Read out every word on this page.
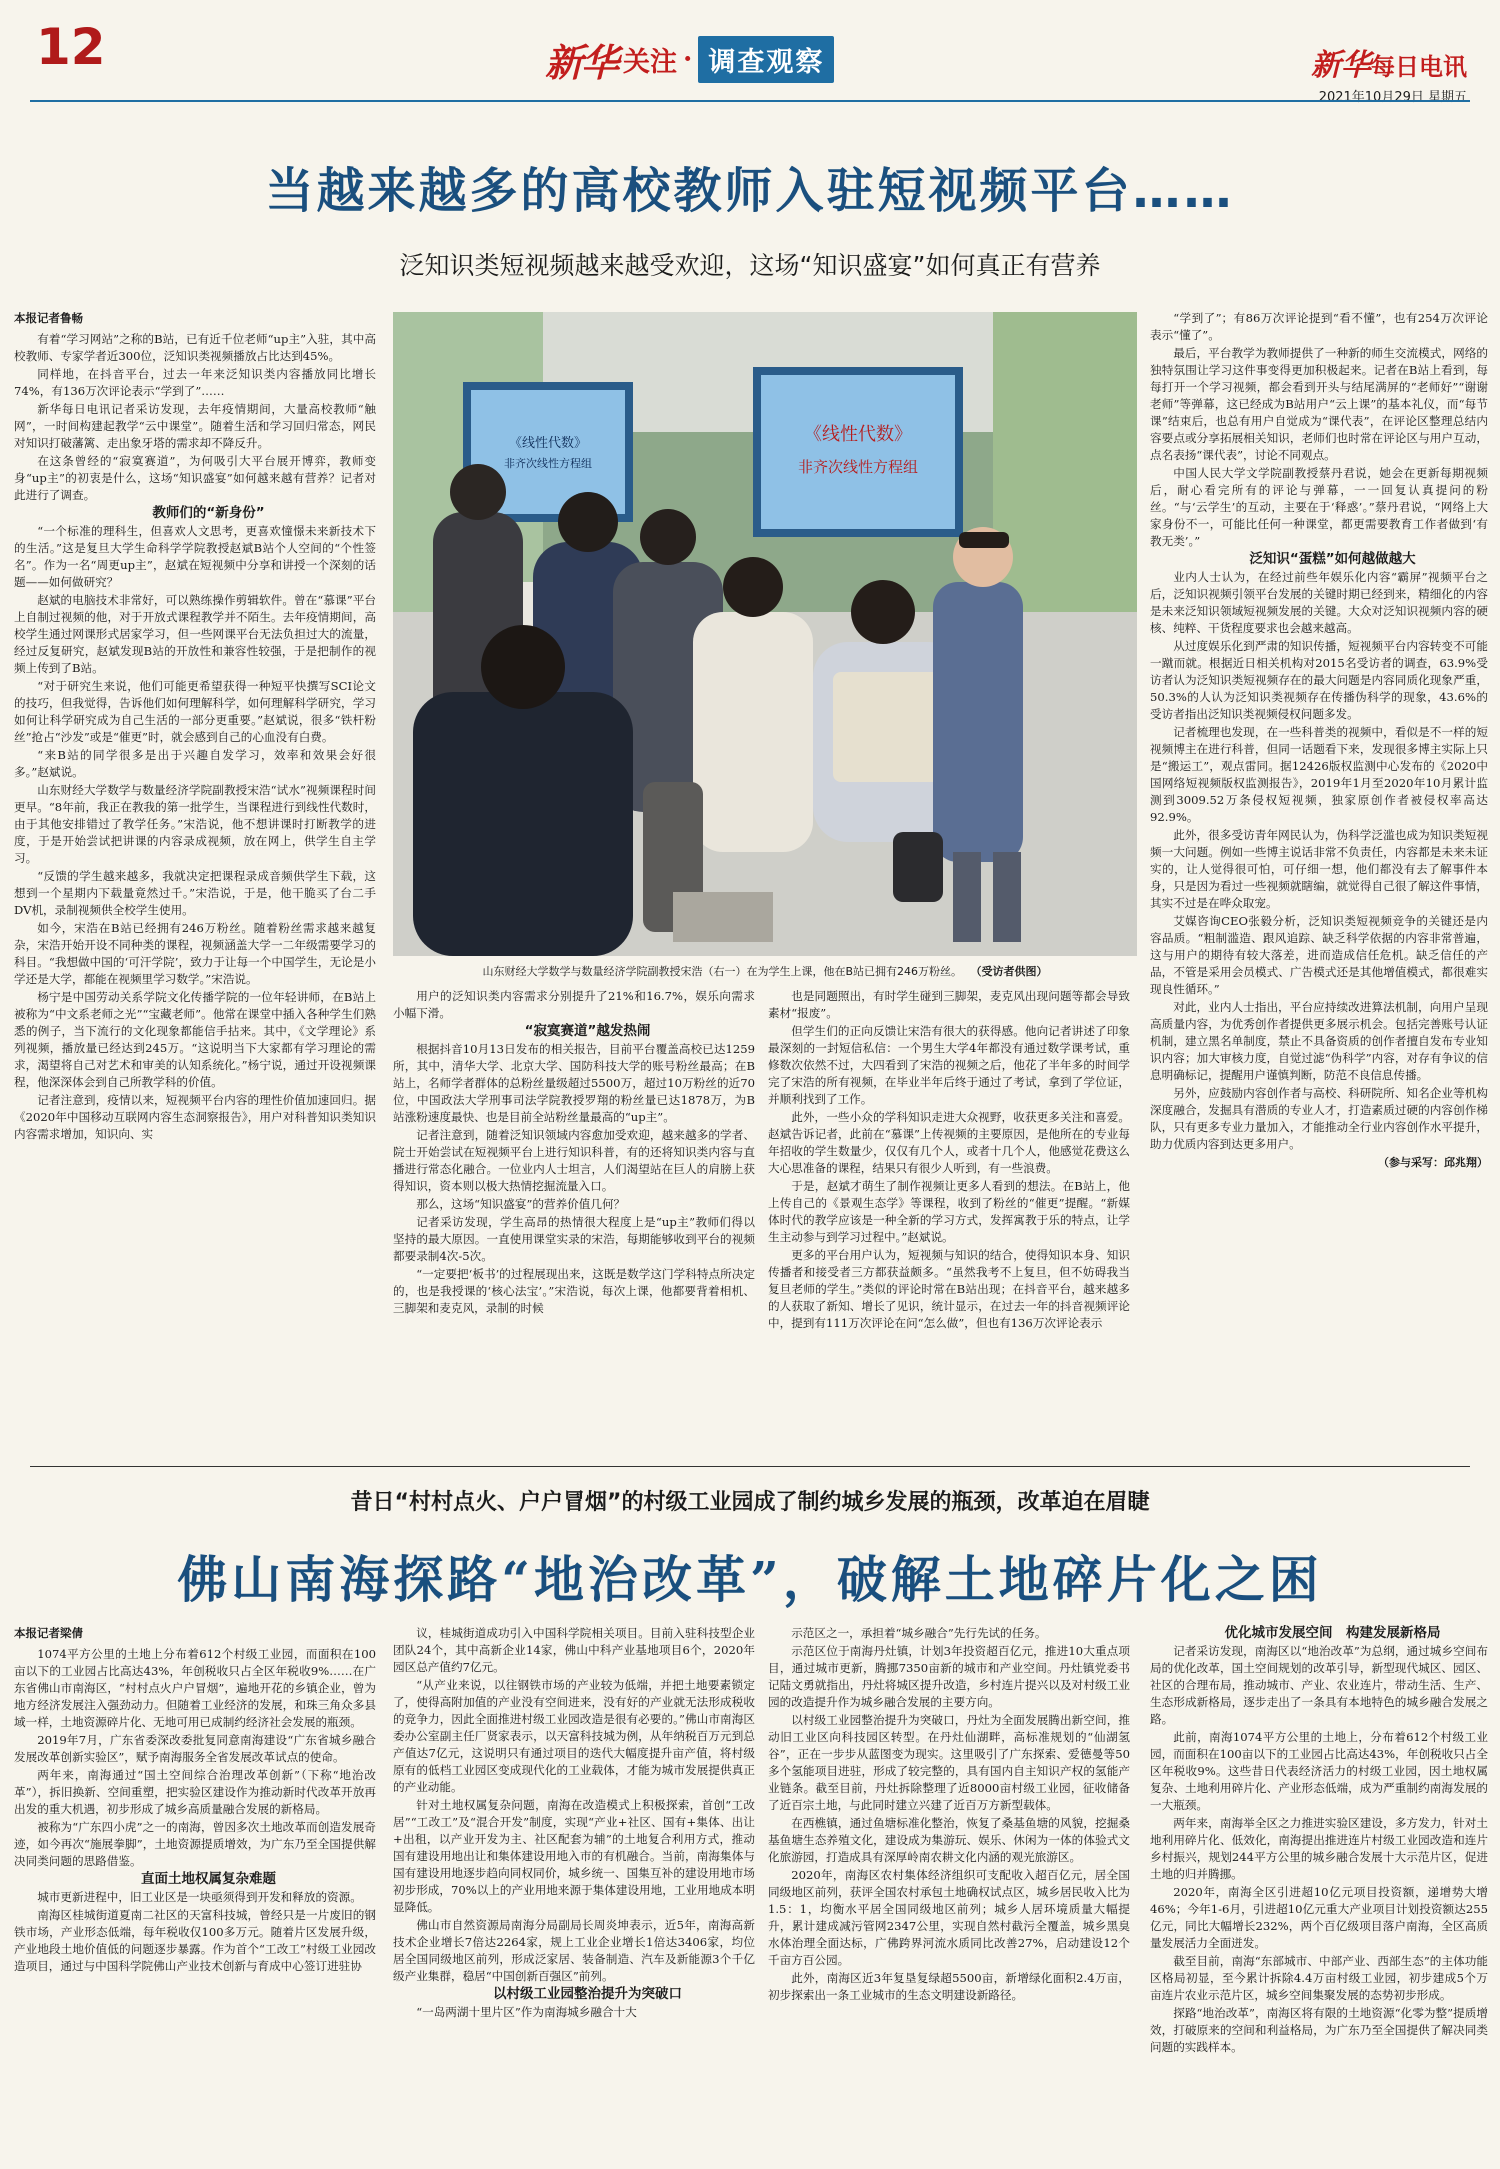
12	新华 关注 · 调查观察	新华每日电讯
2021年10月29日 星期五
当越来越多的高校教师入驻短视频平台……
泛知识类短视频越来越受欢迎，这场“知识盛宴”如何真正有营养

本报记者鲁畅

有着“学习网站”之称的B站，已有近千位老师“up主”入驻，其中高校教师、专家学者近300位，泛知识类视频播放占比达到45%。

同样地，在抖音平台，过去一年来泛知识类内容播放同比增长74%，有136万次评论表示“学到了”……

新华每日电讯记者采访发现，去年疫情期间，大量高校教师“触网”，一时间构建起教学“云中课堂”。随着生活和学习回归常态，网民对知识打破藩篱、走出象牙塔的需求却不降反升。

在这条曾经的“寂寞赛道”，为何吸引大平台展开博弈，教师变身“up主”的初衷是什么，这场“知识盛宴”如何越来越有营养？记者对此进行了调查。

教师们的“新身份”

“一个标准的理科生，但喜欢人文思考，更喜欢憧憬未来新技术下的生活。”这是复旦大学生命科学学院教授赵斌B站个人空间的“个性签名”。作为一名“周更up主”，赵斌在短视频中分享和讲授一个深刻的话题——如何做研究？

赵斌的电脑技术非常好，可以熟练操作剪辑软件。曾在“慕课”平台上自制过视频的他，对于开放式课程教学并不陌生。去年疫情期间，高校学生通过网课形式居家学习，但一些网课平台无法负担过大的流量，经过反复研究，赵斌发现B站的开放性和兼容性较强，于是把制作的视频上传到了B站。

“对于研究生来说，他们可能更希望获得一种短平快撰写SCI论文的技巧，但我觉得，告诉他们如何理解科学，如何理解科学研究，学习如何让科学研究成为自己生活的一部分更重要。”赵斌说，很多“铁杆粉丝”抢占“沙发”或是“催更”时，就会感到自己的心血没有白费。

“来B站的同学很多是出于兴趣自发学习，效率和效果会好很多。”赵斌说。

山东财经大学数学与数量经济学院副教授宋浩“试水”视频课程时间更早。“8年前，我正在教我的第一批学生，当课程进行到线性代数时，由于其他安排错过了教学任务。”宋浩说，他不想讲课时打断教学的进度，于是开始尝试把讲课的内容录成视频，放在网上，供学生自主学习。

“反馈的学生越来越多，我就决定把课程录成音频供学生下载，这想到一个星期内下载量竟然过千。”宋浩说，于是，他干脆买了台二手DV机，录制视频供全校学生使用。

如今，宋浩在B站已经拥有246万粉丝。随着粉丝需求越来越复杂，宋浩开始开设不同种类的课程，视频涵盖大学一二年级需要学习的科目。“我想做中国的‘可汗学院’，致力于让每一个中国学生，无论是小学还是大学，都能在视频里学习数学。”宋浩说。

杨宁是中国劳动关系学院文化传播学院的一位年轻讲师，在B站上被称为“中文系老师之光”“宝藏老师”。他常在课堂中插入各种学生们熟悉的例子，当下流行的文化现象都能信手拈来。其中，《文学理论》系列视频，播放量已经达到245万。“这说明当下大家都有学习理论的需求，渴望将自己对艺术和审美的认知系统化。”杨宁说，通过开设视频课程，他深深体会到自己所教学科的价值。

记者注意到，疫情以来，短视频平台内容的理性价值加速回归。据《2020年中国移动互联网内容生态洞察报告》，用户对科普知识类知识内容需求增加，知识向、实

《线性代数》
非齐次线性方程组
《线性代数》
非齐次线性方程组
山东财经大学数学与数量经济学院副教授宋浩（右一）在为学生上课，他在B站已拥有246万粉丝。 （受访者供图）

用户的泛知识类内容需求分别提升了21%和16.7%，娱乐向需求小幅下滑。

“寂寞赛道”越发热闹

根据抖音10月13日发布的相关报告，目前平台覆盖高校已达1259所，其中，清华大学、北京大学、国防科技大学的账号粉丝最高；在B站上，名师学者群体的总粉丝量级超过5500万，超过10万粉丝的近70位，中国政法大学刑事司法学院教授罗翔的粉丝量已达1878万，为B站涨粉速度最快、也是目前全站粉丝量最高的“up主”。

记者注意到，随着泛知识领域内容愈加受欢迎，越来越多的学者、院士开始尝试在短视频平台上进行知识科普，有的还将知识类内容与直播进行常态化融合。一位业内人士坦言，人们渴望站在巨人的肩膀上获得知识，资本则以极大热情挖掘流量入口。

那么，这场“知识盛宴”的营养价值几何？

记者采访发现，学生高昂的热情很大程度上是“up主”教师们得以坚持的最大原因。一直使用课堂实录的宋浩，每期能够收到平台的视频都要录制4次-5次。

“一定要把‘板书’的过程展现出来，这既是数学这门学科特点所决定的，也是我授课的‘核心法宝’。”宋浩说，每次上课，他都要背着相机、三脚架和麦克风，录制的时候

也是同题照出，有时学生碰到三脚架，麦克风出现问题等都会导致素材“报废”。

但学生们的正向反馈让宋浩有很大的获得感。他向记者讲述了印象最深刻的一封短信私信：一个男生大学4年都没有通过数学课考试，重修数次依然不过，大四看到了宋浩的视频之后，他花了半年多的时间学完了宋浩的所有视频，在毕业半年后终于通过了考试，拿到了学位证，并顺利找到了工作。

此外，一些小众的学科知识走进大众视野，收获更多关注和喜爱。赵斌告诉记者，此前在“慕课”上传视频的主要原因，是他所在的专业每年招收的学生数量少，仅仅有几个人，或者十几个人，他感觉花费这么大心思准备的课程，结果只有很少人听到，有一些浪费。

于是，赵斌才萌生了制作视频让更多人看到的想法。在B站上，他上传自己的《景观生态学》等课程，收到了粉丝的“催更”提醒。“新媒体时代的教学应该是一种全新的学习方式，发挥寓教于乐的特点，让学生主动参与到学习过程中。”赵斌说。

更多的平台用户认为，短视频与知识的结合，使得知识本身、知识传播者和接受者三方都获益颇多。“虽然我考不上复旦，但不妨碍我当复旦老师的学生。”类似的评论时常在B站出现；在抖音平台，越来越多的人获取了新知、增长了见识，统计显示，在过去一年的抖音视频评论中，提到有111万次评论在问“怎么做”，但也有136万次评论表示

“学到了”；有86万次评论提到“看不懂”，也有254万次评论表示“懂了”。

最后，平台教学为教师提供了一种新的师生交流模式，网络的独特氛围让学习这件事变得更加积极起来。记者在B站上看到，每每打开一个学习视频，都会看到开头与结尾满屏的“老师好”“谢谢老师”等弹幕，这已经成为B站用户“云上课”的基本礼仪，而“每节课”结束后，也总有用户自觉成为“课代表”，在评论区整理总结内容要点或分享拓展相关知识，老师们也时常在评论区与用户互动，点名表扬“课代表”，讨论不同观点。

中国人民大学文学院副教授蔡丹君说，她会在更新每期视频后，耐心看完所有的评论与弹幕，一一回复认真提问的粉丝。“与‘云学生’的互动，主要在于‘释惑’。”蔡丹君说，“网络上大家身份不一，可能比任何一种课堂，都更需要教育工作者做到‘有教无类’。”

泛知识“蛋糕”如何越做越大

业内人士认为，在经过前些年娱乐化内容“霸屏”视频平台之后，泛知识视频引领平台发展的关键时期已经到来，精细化的内容是未来泛知识领域短视频发展的关键。大众对泛知识视频内容的硬核、纯粹、干货程度要求也会越来越高。

从过度娱乐化到严肃的知识传播，短视频平台内容转变不可能一蹴而就。根据近日相关机构对2015名受访者的调查，63.9%受访者认为泛知识类短视频存在的最大问题是内容同质化现象严重，50.3%的人认为泛知识类视频存在传播伪科学的现象，43.6%的受访者指出泛知识类视频侵权问题多发。

记者梳理也发现，在一些科普类的视频中，看似是不一样的短视频博主在进行科普，但同一话题看下来，发现很多博主实际上只是“搬运工”，观点雷同。据12426版权监测中心发布的《2020中国网络短视频版权监测报告》，2019年1月至2020年10月累计监测到3009.52万条侵权短视频，独家原创作者被侵权率高达92.9%。

此外，很多受访青年网民认为，伪科学泛滥也成为知识类短视频一大问题。例如一些博主说话非常不负责任，内容都是未来未证实的，让人觉得很可怕，可仔细一想，他们都没有去了解事件本身，只是因为看过一些视频就瞎编，就觉得自己很了解这件事情，其实不过是在哗众取宠。

艾媒咨询CEO张毅分析，泛知识类短视频竞争的关键还是内容品质。“粗制滥造、跟风追踪、缺乏科学依据的内容非常普遍，这与用户的期待有较大落差，进而造成信任危机。缺乏信任的产品，不管是采用会员模式、广告模式还是其他增值模式，都很难实现良性循环。”

对此，业内人士指出，平台应持续改进算法机制，向用户呈现高质量内容，为优秀创作者提供更多展示机会。包括完善账号认证机制，建立黑名单制度，禁止不具备资质的创作者擅自发布专业知识内容；加大审核力度，自觉过滤“伪科学”内容，对存有争议的信息明确标记，提醒用户谨慎判断，防范不良信息传播。

另外，应鼓励内容创作者与高校、科研院所、知名企业等机构深度融合，发掘具有潜质的专业人才，打造素质过硬的内容创作梯队，只有更多专业力量加入，才能推动全行业内容创作水平提升，助力优质内容到达更多用户。

（参与采写：邱兆翔）

昔日“村村点火、户户冒烟”的村级工业园成了制约城乡发展的瓶颈，改革迫在眉睫
佛山南海探路“地治改革”，破解土地碎片化之困

本报记者梁倩

1074平方公里的土地上分布着612个村级工业园，而面积在100亩以下的工业园占比高达43%，年创税收只占全区年税收9%……在广东省佛山市南海区，“村村点火户户冒烟”，遍地开花的乡镇企业，曾为地方经济发展注入强劲动力。但随着工业经济的发展，和珠三角众多县域一样，土地资源碎片化、无地可用已成制约经济社会发展的瓶颈。

2019年7月，广东省委深改委批复同意南海建设“广东省城乡融合发展改革创新实验区”，赋予南海服务全省发展改革试点的使命。

两年来，南海通过“国土空间综合治理改革创新”（下称“地治改革”），拆旧换新、空间重塑，把实验区建设作为推动新时代改革开放再出发的重大机遇，初步形成了城乡高质量融合发展的新格局。

被称为“广东四小虎”之一的南海，曾因多次土地改革而创造发展奇迹，如今再次“施展拳脚”，土地资源提质增效，为广东乃至全国提供解决同类问题的思路借鉴。

直面土地权属复杂难题

城市更新进程中，旧工业区是一块亟须得到开发和释放的资源。

南海区桂城街道夏南二社区的天富科技城，曾经只是一片废旧的钢铁市场，产业形态低端，每年税收仅100多万元。随着片区发展升级，产业地段土地价值低的问题逐步暴露。作为首个“工改工”村级工业园改造项目，通过与中国科学院佛山产业技术创新与育成中心签订进驻协

议，桂城街道成功引入中国科学院相关项目。目前入驻科技型企业团队24个，其中高新企业14家，佛山中科产业基地项目6个，2020年园区总产值约7亿元。

“从产业来说，以往钢铁市场的产业较为低端，并把土地要素锁定了，使得高附加值的产业没有空间进来，没有好的产业就无法形成税收的竞争力，因此全面推进村级工业园改造是很有必要的。”佛山市南海区委办公室副主任厂贤家表示，以天富科技城为例，从年纳税百万元到总产值达7亿元，这说明只有通过项目的迭代大幅度提升亩产值，将村级原有的低档工业园区变成现代化的工业载体，才能为城市发展提供真正的产业动能。

针对土地权属复杂问题，南海在改造模式上积极探索，首创“工改居”“工改工”及“混合开发”制度，实现“产业+社区、国有+集体、出让+出租，以产业开发为主、社区配套为辅”的土地复合利用方式，推动国有建设用地出让和集体建设用地入市的有机融合。当前，南海集体与国有建设用地逐步趋向同权同价，城乡统一、国集互补的建设用地市场初步形成，70%以上的产业用地来源于集体建设用地，工业用地成本明显降低。

佛山市自然资源局南海分局副局长周炎坤表示，近5年，南海高新技术企业增长7倍达2264家，规上工业企业增长1倍达3406家，均位居全国同级地区前列，形成泛家居、装备制造、汽车及新能源3个千亿级产业集群，稳居“中国创新百强区”前列。

以村级工业园整治提升为突破口

“一岛两湖十里片区”作为南海城乡融合十大

示范区之一，承担着“城乡融合”先行先试的任务。

示范区位于南海丹灶镇，计划3年投资超百亿元，推进10大重点项目，通过城市更新，腾挪7350亩新的城市和产业空间。丹灶镇党委书记陆文勇就指出，丹灶将城区提升改造，乡村连片提兴以及对村级工业园的改造提升作为城乡融合发展的主要方向。

以村级工业园整治提升为突破口，丹灶为全面发展腾出新空间，推动旧工业区向科技园区转型。在丹灶仙湖畔，高标准规划的“仙湖氢谷”，正在一步步从蓝图变为现实。这里吸引了广东探索、爱德曼等50多个氢能项目进驻，形成了较完整的，具有国内自主知识产权的氢能产业链条。截至目前，丹灶拆除整理了近8000亩村级工业园，征收储备了近百宗土地，与此同时建立兴建了近百万方新型载体。

在西樵镇，通过鱼塘标准化整治，恢复了桑基鱼塘的风貌，挖掘桑基鱼塘生态养殖文化，建设成为集游玩、娱乐、休闲为一体的体验式文化旅游园，打造成具有深厚岭南农耕文化内涵的观光旅游区。

2020年，南海区农村集体经济组织可支配收入超百亿元，居全国同级地区前列，获评全国农村承包土地确权试点区，城乡居民收入比为1.5：1，均衡水平居全国同级地区前列；城乡人居环境质量大幅提升，累计建成减污管网2347公里，实现自然村截污全覆盖，城乡黑臭水体治理全面达标，广佛跨界河流水质同比改善27%，启动建设12个千亩方百公园。

此外，南海区近3年复垦复绿超5500亩，新增绿化面积2.4万亩，初步探索出一条工业城市的生态文明建设新路径。

优化城市发展空间　构建发展新格局

记者采访发现，南海区以“地治改革”为总纲，通过城乡空间布局的优化改革，国土空间规划的改革引导，新型现代城区、园区、社区的合理布局，推动城市、产业、农业连片，带动生活、生产、生态形成新格局，逐步走出了一条具有本地特色的城乡融合发展之路。

此前，南海1074平方公里的土地上，分布着612个村级工业园，而面积在100亩以下的工业园占比高达43%，年创税收只占全区年税收9%。这些昔日代表经济活力的村级工业园，因土地权属复杂、土地利用碎片化、产业形态低端，成为严重制约南海发展的一大瓶颈。

两年来，南海举全区之力推进实验区建设，多方发力，针对土地利用碎片化、低效化，南海提出推进连片村级工业园改造和连片乡村振兴，规划244平方公里的城乡融合发展十大示范片区，促进土地的归并腾挪。

2020年，南海全区引进超10亿元项目投资额，递增势大增46%；今年1-6月，引进超10亿元重大产业项目计划投资额达255亿元，同比大幅增长232%，两个百亿级项目落户南海，全区高质量发展活力全面迸发。

截至目前，南海“东部城市、中部产业、西部生态”的主体功能区格局初显，至今累计拆除4.4万亩村级工业园，初步建成5个万亩连片农业示范片区，城乡空间集聚发展的态势初步形成。

探路“地治改革”，南海区将有限的土地资源“化零为整”提质增效，打破原来的空间和利益格局，为广东乃至全国提供了解决同类问题的实践样本。
